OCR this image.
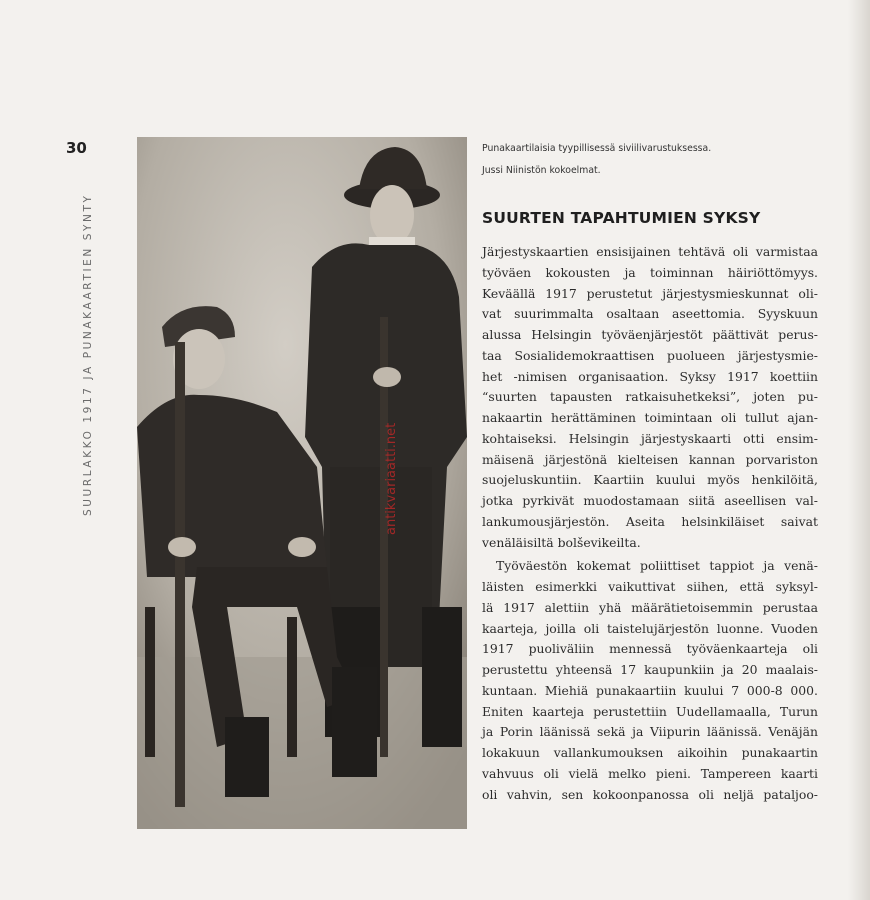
30
SUURLAKKO 1917 JA PUNAKAARTIEN SYNTY	antikvariaatti.net
Punakaartilaisia tyypillisessä siviilivarustuksessa.
Jussi Niinistön kokoelmat.
SUURTEN TAPAHTUMIEN SYKSY

Järjestyskaartien ensisijainen tehtävä oli varmistaa
työväen kokousten ja toiminnan häiriöttömyys.
Keväällä 1917 perustetut järjestysmieskunnat oli-
vat suurimmalta osaltaan aseettomia. Syyskuun
alussa Helsingin työväenjärjestöt päättivät perus-
taa Sosialidemokraattisen puolueen järjestysmie-
het -nimisen organisaation. Syksy 1917 koettiin
“suurten tapausten ratkaisuhetkeksi”, joten pu-
nakaartin herättäminen toimintaan oli tullut ajan-
kohtaiseksi. Helsingin järjestyskaarti otti ensim-
mäisenä järjestönä kielteisen kannan porvariston
suojeluskuntiin. Kaartiin kuului myös henkilöitä,
jotka pyrkivät muodostamaan siitä aseellisen val-
lankumousjärjestön. Aseita helsinkiläiset saivat
venäläisiltä bolševikeilta.

Työväestön kokemat poliittiset tappiot ja venä-
läisten esimerkki vaikuttivat siihen, että syksyl-
lä 1917 alettiin yhä määrätietoisemmin perustaa
kaarteja, joilla oli taistelujärjestön luonne. Vuoden
1917 puoliväliin mennessä työväenkaarteja oli
perustettu yhteensä 17 kaupunkiin ja 20 maalais-
kuntaan. Miehiä punakaartiin kuului 7 000-8 000.
Eniten kaarteja perustettiin Uudellamaalla, Turun
ja Porin läänissä sekä ja Viipurin läänissä. Venäjän
lokakuun vallankumouksen aikoihin punakaartin
vahvuus oli vielä melko pieni. Tampereen kaarti
oli vahvin, sen kokoonpanossa oli neljä pataljoo-
